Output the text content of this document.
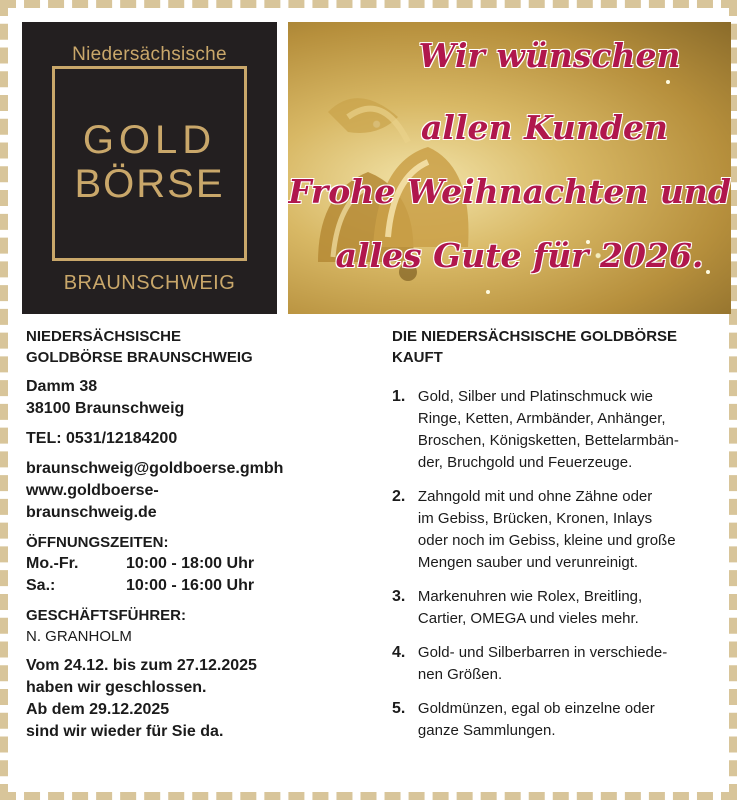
Niedersächsische
GOLD
BÖRSE
BRAUNSCHWEIG
Wir wünschen
allen Kunden
Frohe Weihnachten und
alles Gute für 2026.
NIEDERSÄCHSISCHE
GOLDBÖRSE BRAUNSCHWEIG
Damm 38
38100 Braunschweig
TEL: 0531/12184200
braunschweig@goldboerse.gmbh
www.goldboerse-
braunschweig.de
ÖFFNUNGSZEITEN:
Mo.-Fr.	10:00 - 18:00 Uhr
Sa.:	10:00 - 16:00 Uhr
GESCHÄFTSFÜHRER:
N. GRANHOLM
Vom 24.12. bis zum 27.12.2025
haben wir geschlossen.
Ab dem 29.12.2025
sind wir wieder für Sie da.
DIE NIEDERSÄCHSISCHE GOLDBÖRSE
KAUFT
1. Gold, Silber und Platinschmuck wie
Ringe, Ketten, Armbänder, Anhänger,
Broschen, Königsketten, Bettelarmbän-
der, Bruchgold und Feuerzeuge.
2. Zahngold mit und ohne Zähne oder
im Gebiss, Brücken, Kronen, Inlays
oder noch im Gebiss, kleine und große
Mengen sauber und verunreinigt.
3. Markenuhren wie Rolex, Breitling,
Cartier, OMEGA und vieles mehr.
4. Gold- und Silberbarren in verschiede-
nen Größen.
5. Goldmünzen, egal ob einzelne oder
ganze Sammlungen.
